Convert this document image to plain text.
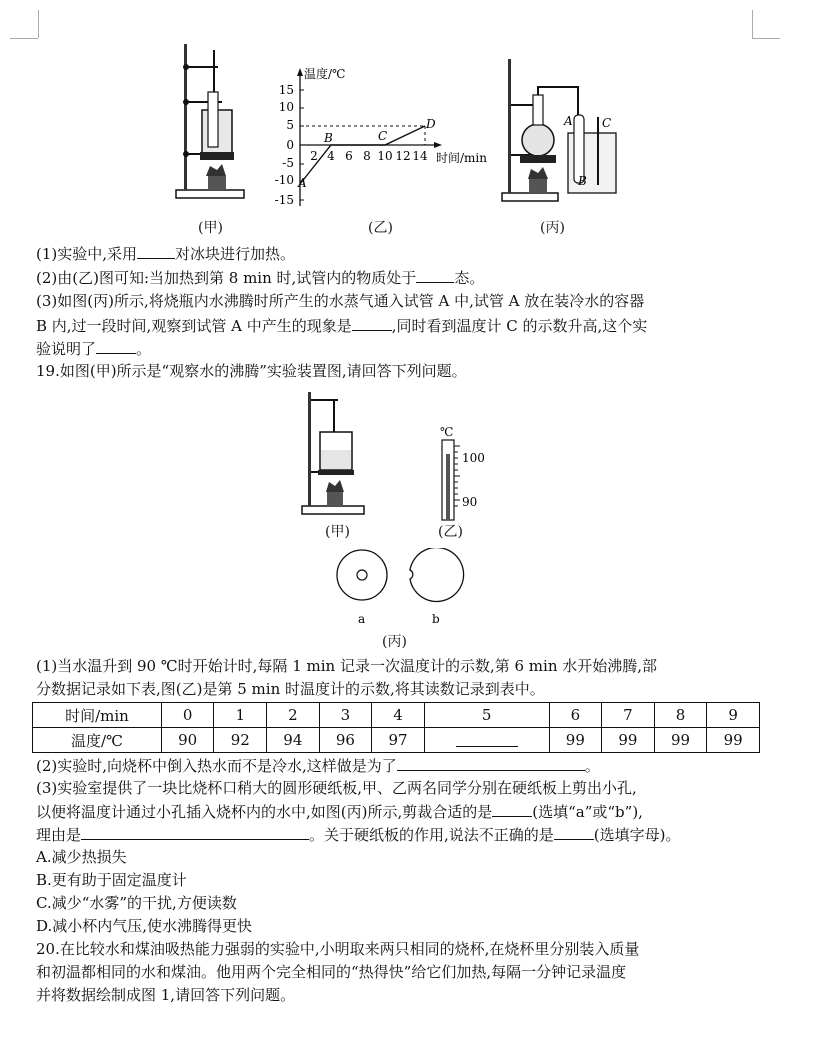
(甲)
温度/℃
时间/min
15
10
5
0
-5
-10
-15
2 4 6 8 10 12 14
A
B	C
D
(乙)
A C
B
(丙)
(1)实验中,采用	对冰块进行加热。
(2)由(乙)图可知:当加热到第 8 min 时,试管内的物质处于	态。
(3)如图(丙)所示,将烧瓶内水沸腾时所产生的水蒸气通入试管 A 中,试管 A 放在装冷水的容器
B 内,过一段时间,观察到试管 A 中产生的现象是	,同时看到温度计 C 的示数升高,这个实
验说明了	。
19.如图(甲)所示是“观察水的沸腾”实验装置图,请回答下列问题。
(甲)
℃
100
90
(乙)
a	b
(丙)
(1)当水温升到 90 ℃时开始计时,每隔 1 min 记录一次温度计的示数,第 6 min 水开始沸腾,部
分数据记录如下表,图(乙)是第 5 min 时温度计的示数,将其读数记录到表中。
时间/min	0	1	2	3	4	5	6	7	8	9
温度/℃	90	92	94	96	97		99	99	99	99
(2)实验时,向烧杯中倒入热水而不是冷水,这样做是为了	。
(3)实验室提供了一块比烧杯口稍大的圆形硬纸板,甲、乙两名同学分别在硬纸板上剪出小孔,
以便将温度计通过小孔插入烧杯内的水中,如图(丙)所示,剪裁合适的是	(选填“a”或“b”),
理由是	。关于硬纸板的作用,说法不正确的是	(选填字母)。
A.减少热损失
B.更有助于固定温度计
C.减少“水雾”的干扰,方便读数
D.减小杯内气压,使水沸腾得更快
20.在比较水和煤油吸热能力强弱的实验中,小明取来两只相同的烧杯,在烧杯里分别装入质量
和初温都相同的水和煤油。他用两个完全相同的“热得快”给它们加热,每隔一分钟记录温度
并将数据绘制成图 1,请回答下列问题。
